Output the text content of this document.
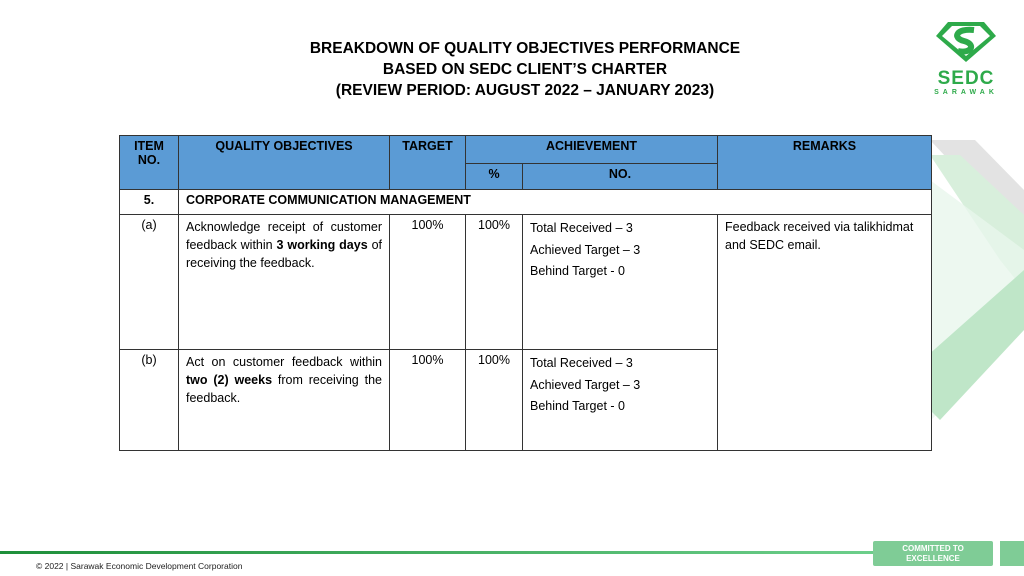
BREAKDOWN OF QUALITY OBJECTIVES PERFORMANCE
BASED ON SEDC CLIENT’S CHARTER
(REVIEW PERIOD: AUGUST 2022 – JANUARY 2023)
SEDC
SARAWAK
ITEM NO.	QUALITY OBJECTIVES	TARGET	ACHIEVEMENT		REMARKS
			%	NO.	
5.	CORPORATE COMMUNICATION MANAGEMENT				
(a)	Acknowledge receipt of customer feedback within 3 working days of receiving the feedback.	100%	100%	Total Received – 3
Achieved Target – 3
Behind Target - 0	Feedback received via talikhidmat and SEDC email.
(b)	Act on customer feedback within two (2) weeks from receiving the feedback.	100%	100%	Total Received – 3
Achieved Target – 3
Behind Target - 0	
© 2022 | Sarawak Economic Development Corporation
COMMITTED TO EXCELLENCE
